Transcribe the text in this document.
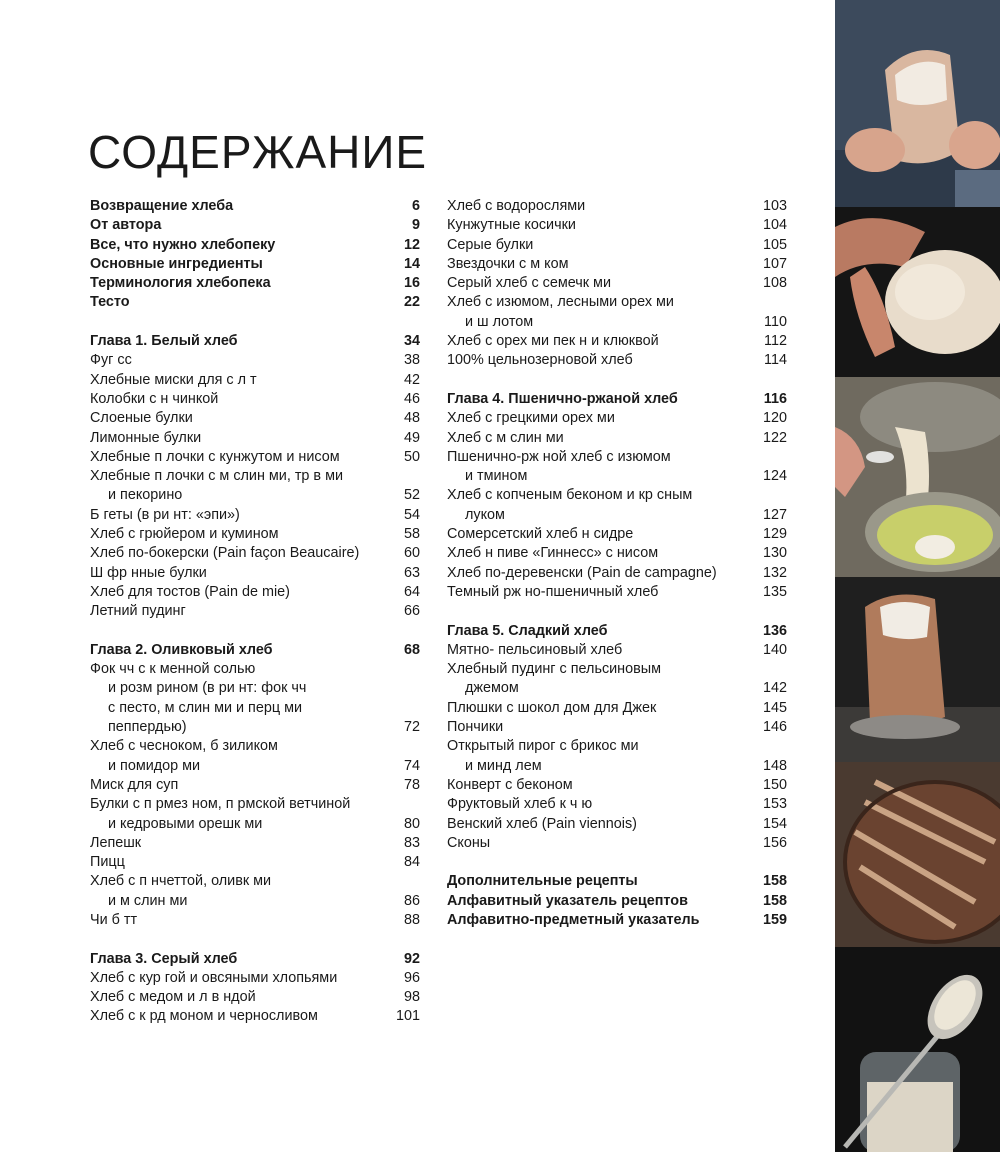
СОДЕРЖАНИЕ
Возвращение хлеба	6
От автора	9
Все, что нужно хлебопеку	12
Основные ингредиенты	14
Терминология хлебопека	16
Тесто	22
Глава 1. Белый хлеб	34
Фуг сс	38
Хлебные миски для с л т	42
Колобки с н чинкой	46
Слоеные булки	48
Лимонные булки	49
Хлебные п лочки с кунжутом и нисом	50
Хлебные п лочки с м слин ми, тр в ми
и пекорино	52
Б геты (в ри нт: «эпи»)	54
Хлеб с грюйером и кумином	58
Хлеб по-бокерски (Pain façon Beaucaire)	60
Ш фр нные булки	63
Хлеб для тостов (Pain de mie)	64
Летний пудинг	66
Глава 2. Оливковый хлеб	68
Фок чч с к менной солью
и розм рином (в ри нт: фок чч
с песто, м слин ми и перц ми
пеппердью)	72
Хлеб с чесноком, б зиликом
и помидор ми	74
Миск для суп	78
Булки с п рмез ном, п рмской ветчиной
и кедровыми орешк ми	80
Лепешк	83
Пицц	84
Хлеб с п нчеттой, оливк ми
и м слин ми	86
Чи б тт	88
Глава 3. Серый хлеб	92
Хлеб с кур гой и овсяными хлопьями	96
Хлеб с медом и л в ндой	98
Хлеб с к рд моном и черносливом	101
Хлеб с водорослями	103
Кунжутные косички	104
Серые булки	105
Звездочки с м ком	107
Серый хлеб с семечк ми	108
Хлеб с изюмом, лесными орех ми
и ш лотом	110
Хлеб с орех ми пек н и клюквой	112
100% цельнозерновой хлеб	114
Глава 4. Пшенично-ржаной хлеб	116
Хлеб с грецкими орех ми	120
Хлеб с м слин ми	122
Пшенично-рж ной хлеб с изюмом
и тмином	124
Хлеб с копченым беконом и кр сным
луком	127
Сомерсетский хлеб н сидре	129
Хлеб н пиве «Гиннесс» с нисом	130
Хлеб по-деревенски (Pain de campagne)	132
Темный рж но-пшеничный хлеб	135
Глава 5. Сладкий хлеб	136
Мятно- пельсиновый хлеб	140
Хлебный пудинг с пельсиновым
джемом	142
Плюшки с шокол дом для Джек	145
Пончики	146
Открытый пирог с брикос ми
и минд лем	148
Конверт с беконом	150
Фруктовый хлеб к ч ю	153
Венский хлеб (Pain viennois)	154
Сконы	156
Дополнительные рецепты	158
Алфавитный указатель рецептов	158
Алфавитно-предметный указатель	159
